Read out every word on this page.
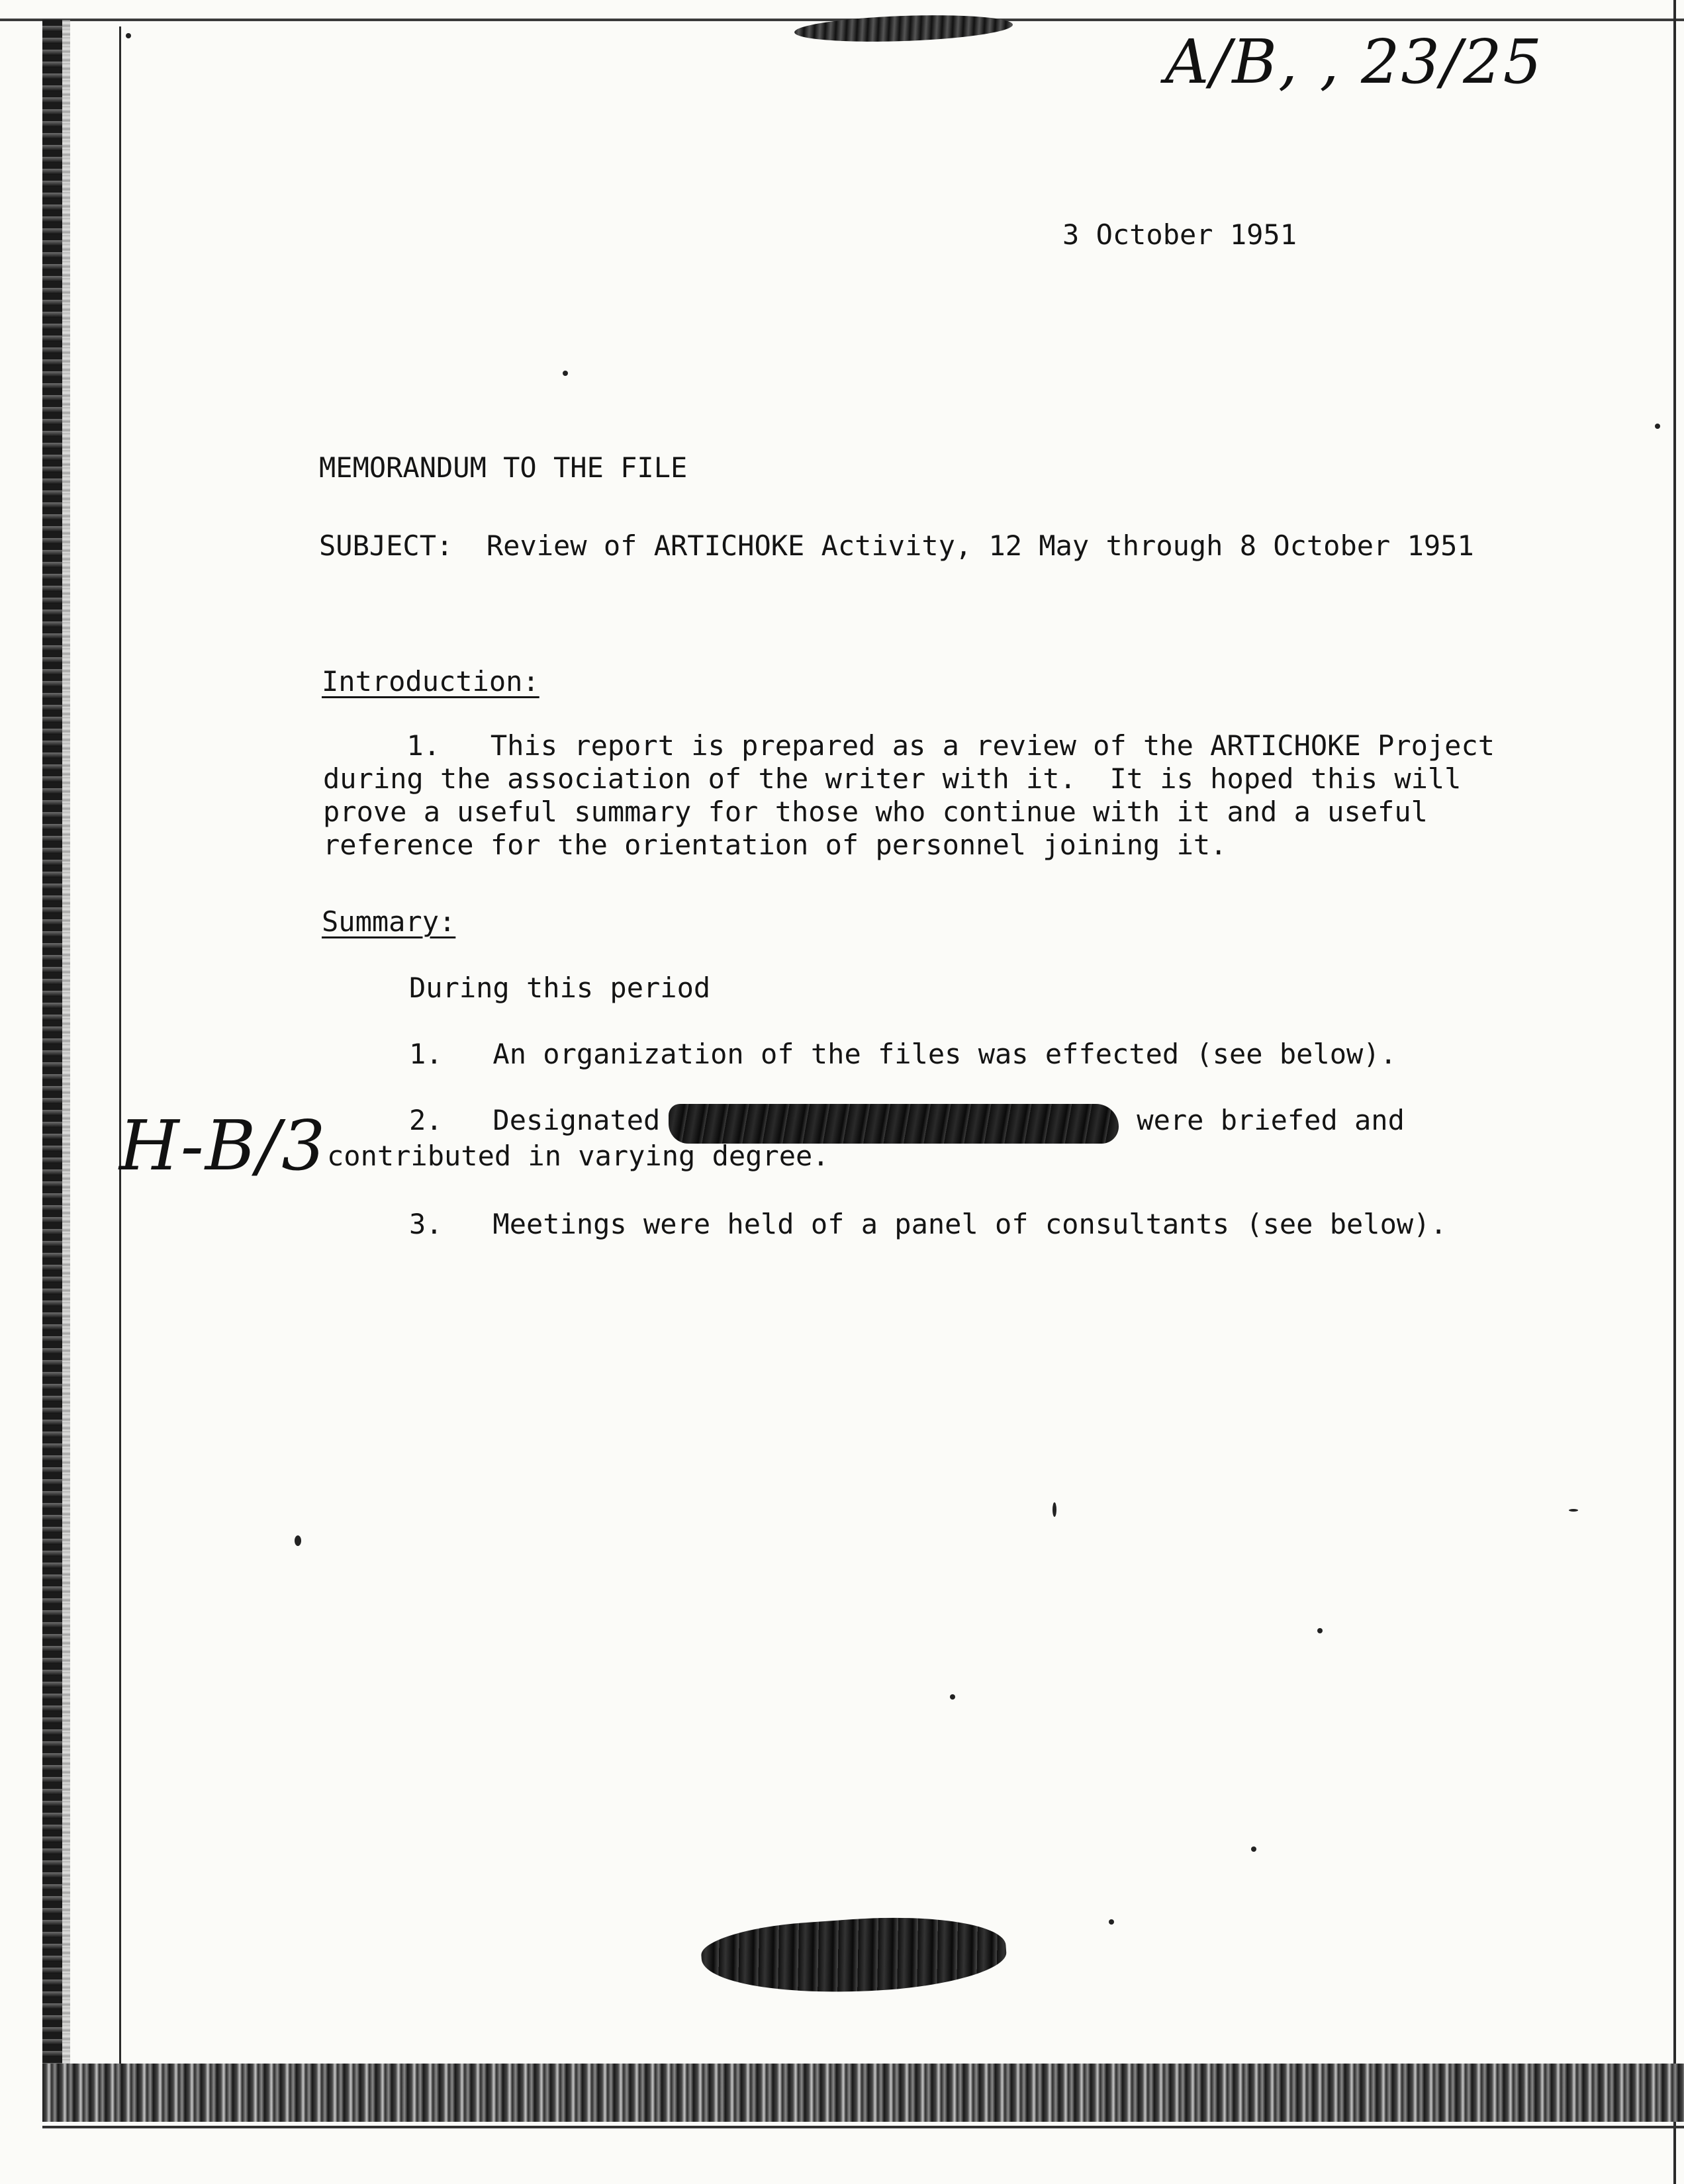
A/B, , 23/25
H-B/3
3 October 1951
MEMORANDUM TO THE FILE
SUBJECT: Review of ARTICHOKE Activity, 12 May through 8 October 1951
Introduction:
1.   This report is prepared as a review of the ARTICHOKE Project
during the association of the writer with it.  It is hoped this will
prove a useful summary for those who continue with it and a useful
reference for the orientation of personnel joining it.
Summary:
During this period
1.   An organization of the files was effected (see below).
2.   Designated	were briefed and
contributed in varying degree.
3.   Meetings were held of a panel of consultants (see below).
